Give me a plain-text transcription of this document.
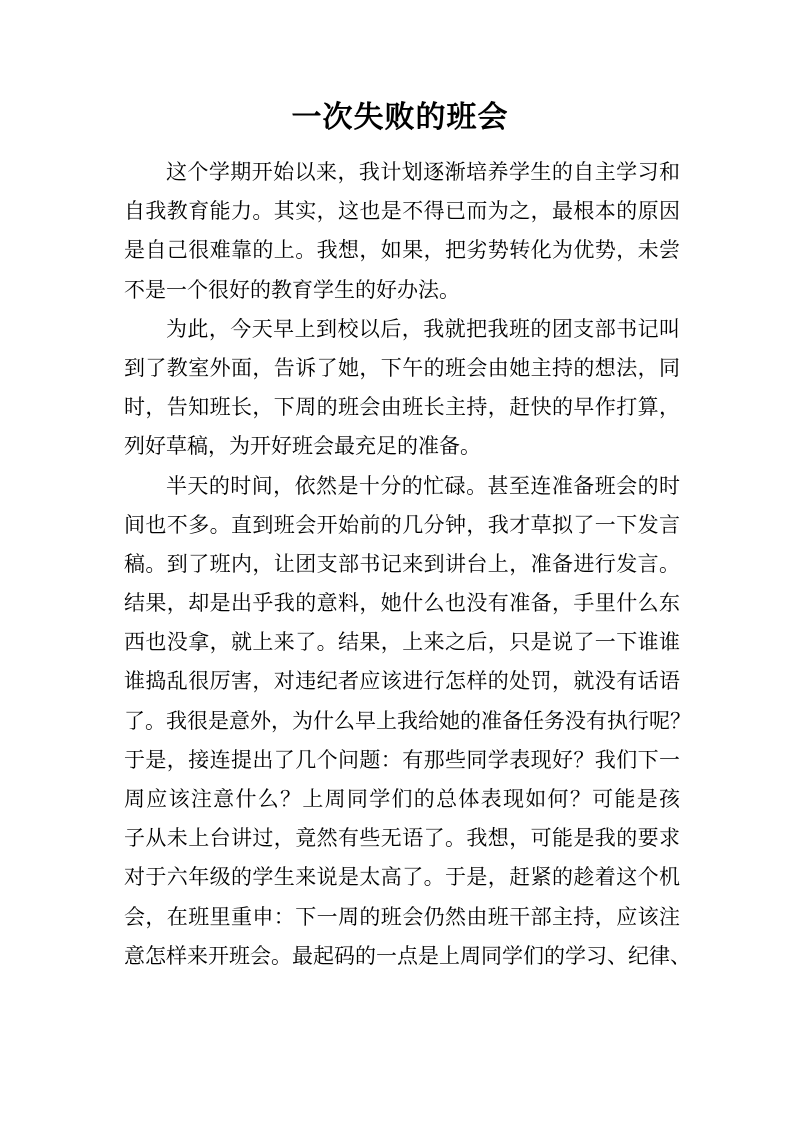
一次失败的班会

这个学期开始以来，我计划逐渐培养学生的自主学习和
自我教育能力。其实，这也是不得已而为之，最根本的原因
是自己很难靠的上。我想，如果，把劣势转化为优势，未尝
不是一个很好的教育学生的好办法。

为此，今天早上到校以后，我就把我班的团支部书记叫
到了教室外面，告诉了她，下午的班会由她主持的想法，同
时，告知班长，下周的班会由班长主持，赶快的早作打算，
列好草稿，为开好班会最充足的准备。

半天的时间，依然是十分的忙碌。甚至连准备班会的时
间也不多。直到班会开始前的几分钟，我才草拟了一下发言
稿。到了班内，让团支部书记来到讲台上，准备进行发言。
结果，却是出乎我的意料，她什么也没有准备，手里什么东
西也没拿，就上来了。结果，上来之后，只是说了一下谁谁
谁捣乱很厉害，对违纪者应该进行怎样的处罚，就没有话语
了。我很是意外，为什么早上我给她的准备任务没有执行呢？
于是，接连提出了几个问题：有那些同学表现好？我们下一
周应该注意什么？上周同学们的总体表现如何？可能是孩
子从未上台讲过，竟然有些无语了。我想，可能是我的要求
对于六年级的学生来说是太高了。于是，赶紧的趁着这个机
会，在班里重申：下一周的班会仍然由班干部主持，应该注
意怎样来开班会。最起码的一点是上周同学们的学习、纪律、
